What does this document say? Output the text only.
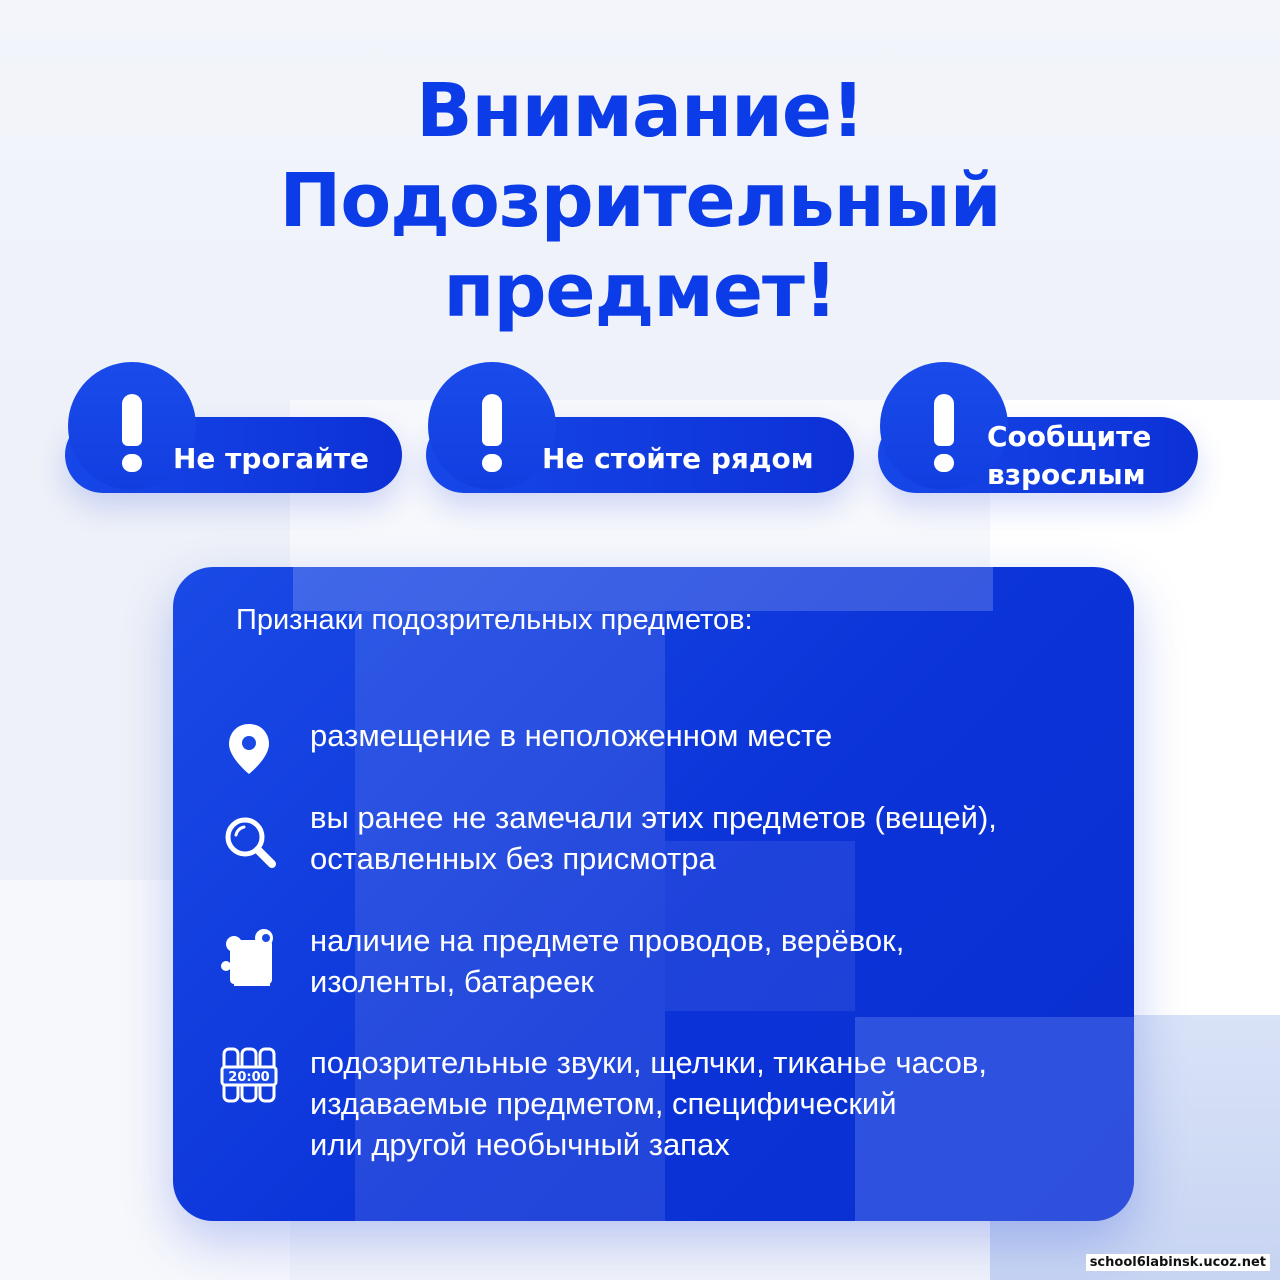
Внимание!
Подозрительный
предмет!
Не трогайте	Не стойте рядом
Сообщите
взрослым
Признаки подозрительных предметов:
размещение в неположенном месте
вы ранее не замечали этих предметов (вещей),
оставленных без присмотра
наличие на предмете проводов, верёвок,
изоленты, батареек
20:00 подозрительные звуки, щелчки, тиканье часов,
издаваемые предметом, специфический
или другой необычный запах
school6labinsk.ucoz.net
